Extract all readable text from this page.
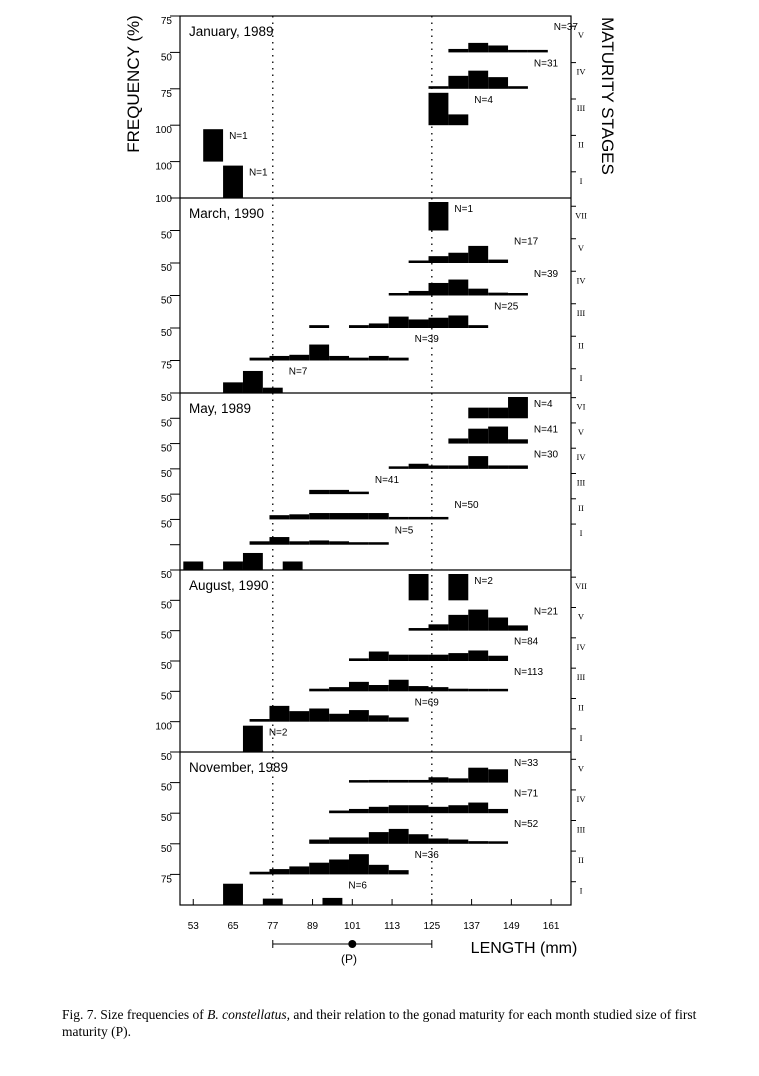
53	65	77	89	101 113 125 137 149 161
January, 1989
75
V
N=37
50
IV
N=31
75
III
N=4
100
II
N=1
100
I
N=1
100
March, 1990	VII
N=1
50
V
N=17
50
IV
N=39
50
III
N=25
50
II
N=39
75
I
N=7
May, 1989
50
VI
N=4
50
V
N=41
50
IV
N=30
50
III
N=41
50
II
N=50
50
I
N=5
August, 1990
50
VII
N=2
50
V
N=21
50
IV
N=84
50
III
N=113
50
II
N=69
100
I
N=2
November, 1989
50
V
N=33
50
IV
N=71
50
III
N=52
50
II
N=36
75
I
N=6
FREQUENCY (%)	MATURITY STAGES
LENGTH (mm)
(P)
Fig. 7. Size frequencies of B. constellatus, and their relation to the gonad maturity for each month studied size of first maturity (P).
